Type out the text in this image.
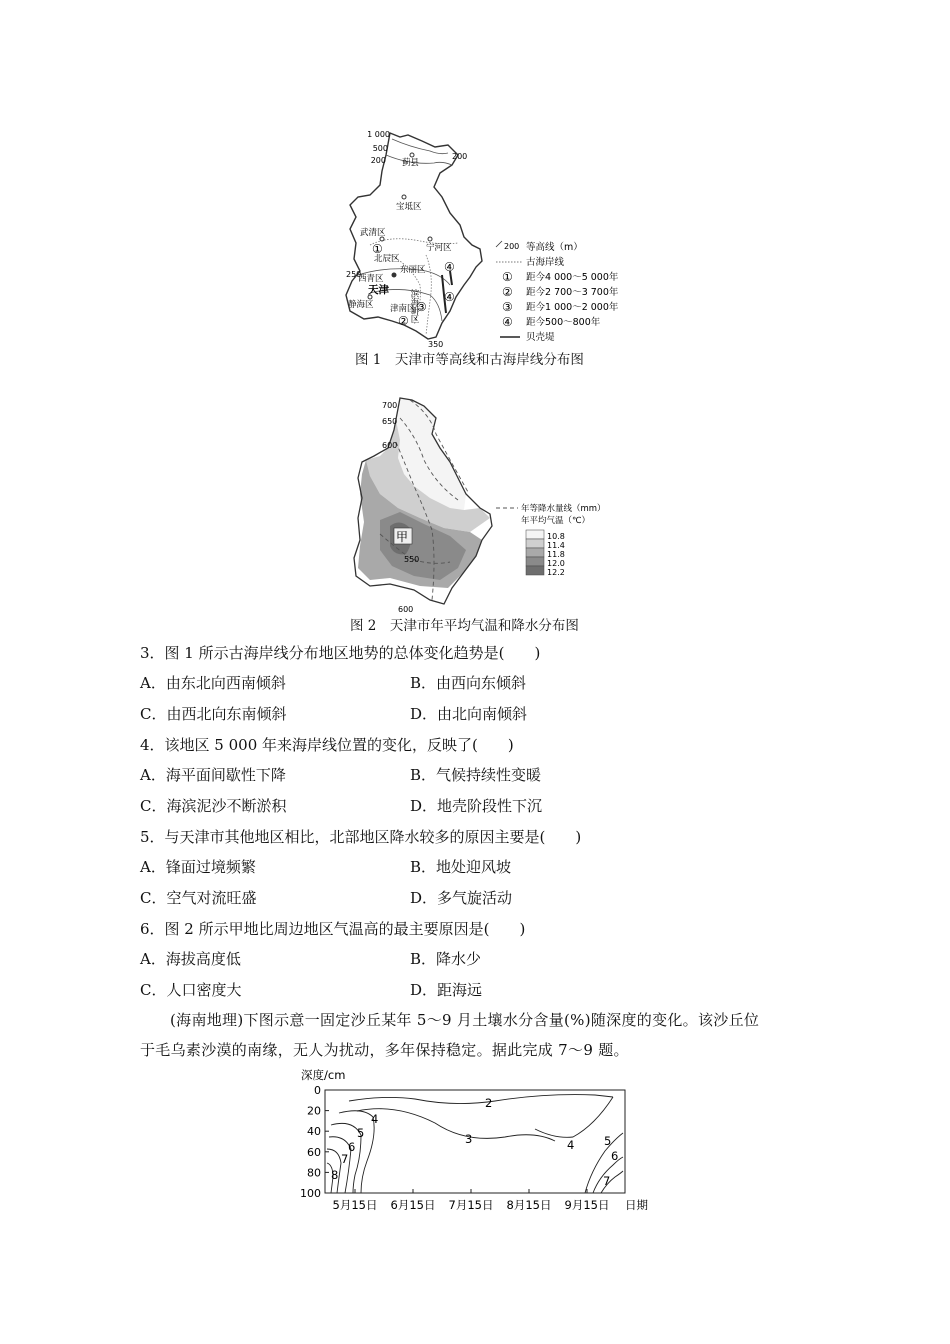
1 000
500
200	200
250
350
蓟县
宝坻区
武清区
宁河区
北辰区
东丽区
西青区
天津 滨海新区
静海区 津南区
①
②
③
④
④
200 等高线（m）
古海岸线
① 距今4 000～5 000年
② 距今2 700～3 700年
③ 距今1 000～2 000年
④ 距今500～800年
贝壳堤
图 1　天津市等高线和古海岸线分布图
700
650
600
550
600
甲
年等降水量线（mm）
年平均气温（℃）
10.8
11.4
11.8
12.0
12.2
图 2　天津市年平均气温和降水分布图
3．图 1 所示古海岸线分布地区地势的总体变化趋势是(　　)
A．由东北向西南倾斜	B．由西向东倾斜
C．由西北向东南倾斜	D．由北向南倾斜
4．该地区 5 000 年来海岸线位置的变化，反映了(　　)
A．海平面间歇性下降	B．气候持续性变暖
C．海滨泥沙不断淤积	D．地壳阶段性下沉
5．与天津市其他地区相比，北部地区降水较多的原因主要是(　　)
A．锋面过境频繁	B．地处迎风坡
C．空气对流旺盛	D．多气旋活动
6．图 2 所示甲地比周边地区气温高的最主要原因是(　　)
A．海拔高度低	B．降水少
C．人口密度大	D．距海远
(海南地理)下图示意一固定沙丘某年 5～9 月土壤水分含量(%)随深度的变化。该沙丘位
于毛乌素沙漠的南缘，无人为扰动，多年保持稳定。据此完成 7～9 题。
深度/cm
0
20
40
60
80
100
5月15日 6月15日 7月15日 8月15日 9月15日 日期
2
3
4
4
5
5
6
6
7
7
8
